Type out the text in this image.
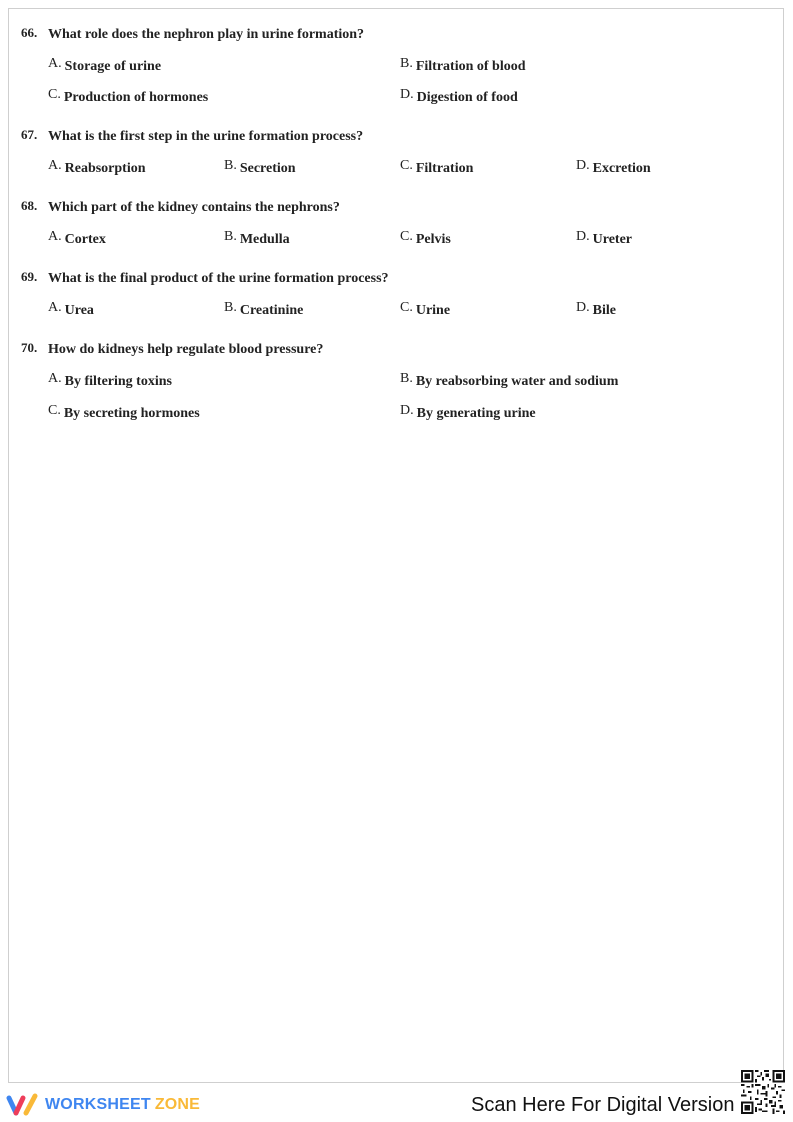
66. What role does the nephron play in urine formation?
A. Storage of urine	B. Filtration of blood
C. Production of hormones	D. Digestion of food
67. What is the first step in the urine formation process?
A. Reabsorption	B. Secretion	C. Filtration	D. Excretion
68. Which part of the kidney contains the nephrons?
A. Cortex	B. Medulla	C. Pelvis	D. Ureter
69. What is the final product of the urine formation process?
A. Urea	B. Creatinine	C. Urine	D. Bile
70. How do kidneys help regulate blood pressure?
A. By filtering toxins	B. By reabsorbing water and sodium
C. By secreting hormones	D. By generating urine
WORKSHEET ZONE	Scan Here For Digital Version
